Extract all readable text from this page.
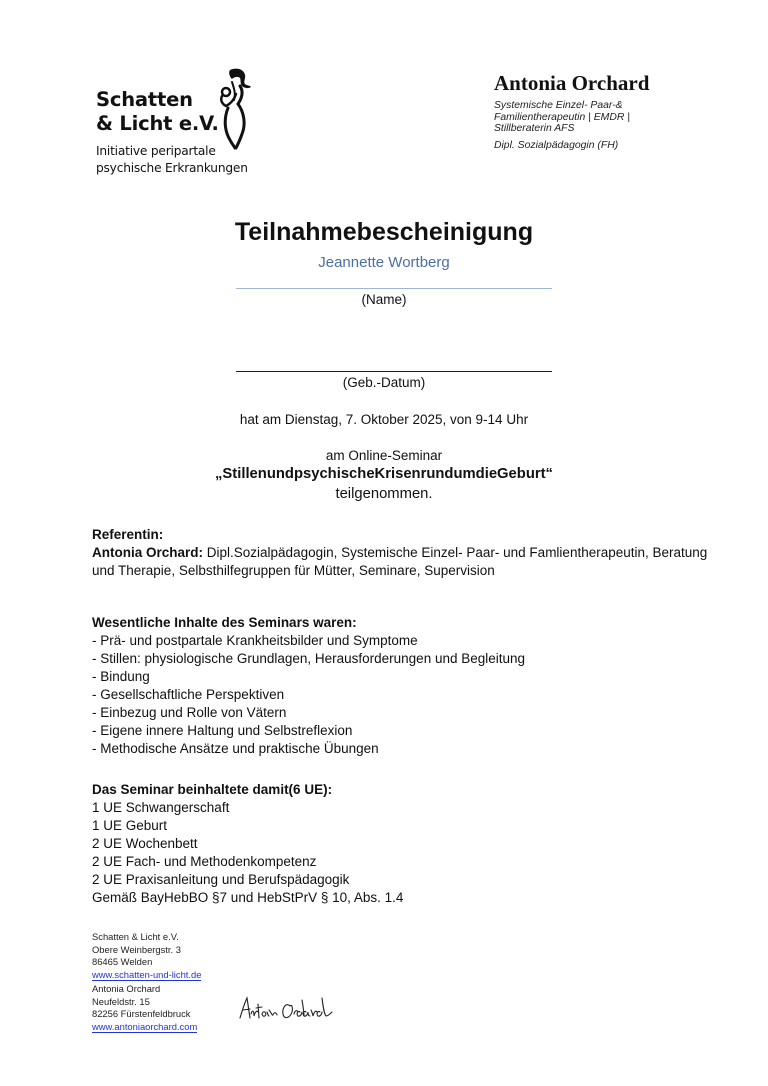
Schatten
& Licht e.V.
Initiative peripartale
psychische Erkrankungen
Antonia Orchard
Systemische Einzel- Paar-&
Familientherapeutin | EMDR |
Stillberaterin AFS
Dipl. Sozialpädagogin (FH)
Teilnahmebescheinigung
Jeannette Wortberg
(Name)
(Geb.-Datum)
hat am Dienstag, 7. Oktober 2025, von 9-14 Uhr
am Online-Seminar
„StillenundpsychischeKrisenrundumdieGeburt“
teilgenommen.
Referentin:
Antonia Orchard: Dipl.Sozialpädagogin, Systemische Einzel- Paar- und Famlientherapeutin, Beratung und Therapie, Selbsthilfegruppen für Mütter, Seminare, Supervision
Wesentliche Inhalte des Seminars waren:
- Prä- und postpartale Krankheitsbilder und Symptome
- Stillen: physiologische Grundlagen, Herausforderungen und Begleitung
- Bindung
- Gesellschaftliche Perspektiven
- Einbezug und Rolle von Vätern
- Eigene innere Haltung und Selbstreflexion
- Methodische Ansätze und praktische Übungen
Das Seminar beinhaltete damit(6 UE):
1 UE Schwangerschaft
1 UE Geburt
2 UE Wochenbett
2 UE Fach- und Methodenkompetenz
2 UE Praxisanleitung und Berufspädagogik
Gemäß BayHebBO §7 und HebStPrV § 10, Abs. 1.4
Schatten & Licht e.V.
Obere Weinbergstr. 3
86465 Welden
www.schatten-und-licht.de
Antonia Orchard
Neufeldstr. 15
82256 Fürstenfeldbruck
www.antoniaorchard.com
